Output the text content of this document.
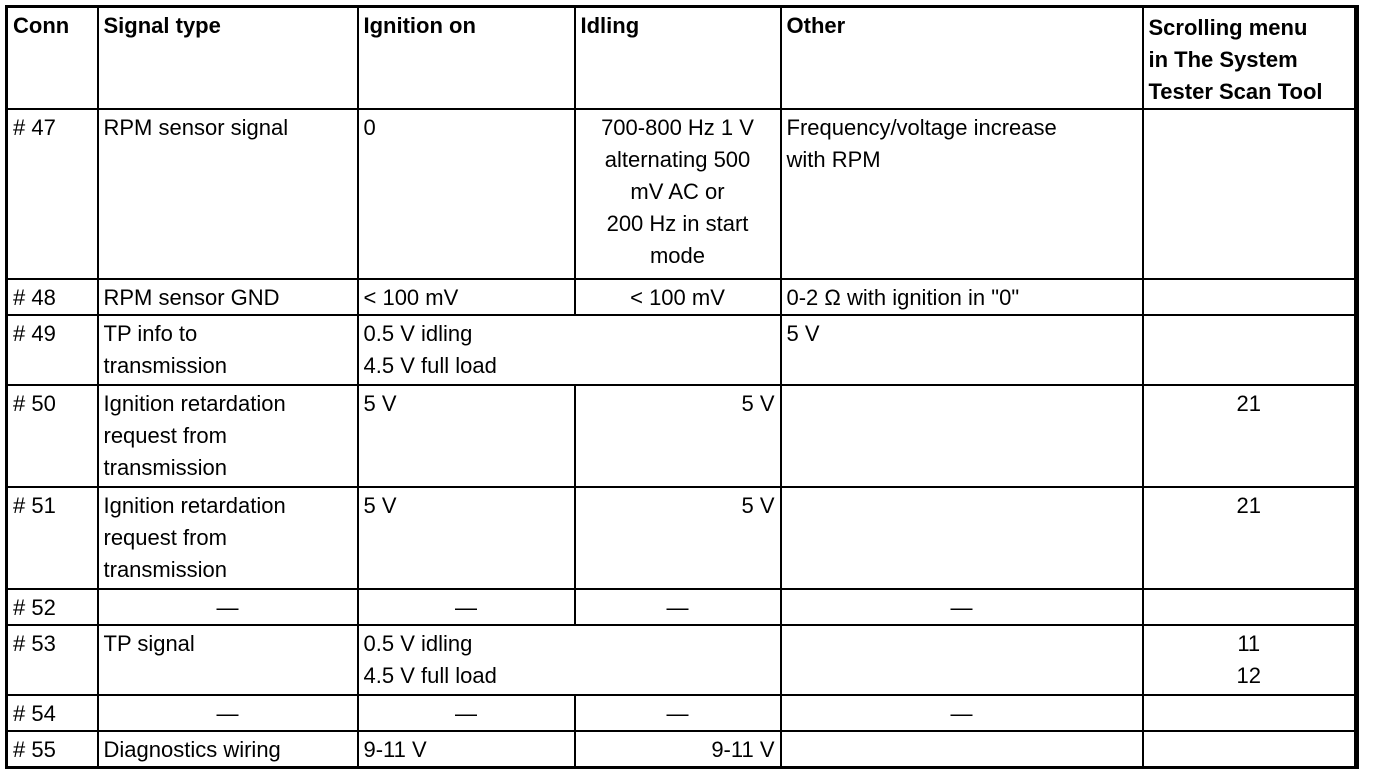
Conn	Signal type	Ignition on	Idling	Other	Scrolling menu
in The System
Tester Scan Tool
# 47	RPM sensor signal	0	700-800 Hz 1 V
alternating 500
mV AC or
200 Hz in start
mode	Frequency/voltage increase
with RPM	
# 48	RPM sensor GND	< 100 mV	< 100 mV	0-2 Ω with ignition in "0"	
# 49	TP info to
transmission	0.5 V idling
4.5 V full load		5 V	
# 50	Ignition retardation
request from
transmission	5 V	5 V		21
# 51	Ignition retardation
request from
transmission	5 V	5 V		21
# 52	—	—	—	—	
# 53	TP signal	0.5 V idling
4.5 V full load			11
12
# 54	—	—	—	—	
# 55	Diagnostics wiring	9-11 V	9-11 V		
